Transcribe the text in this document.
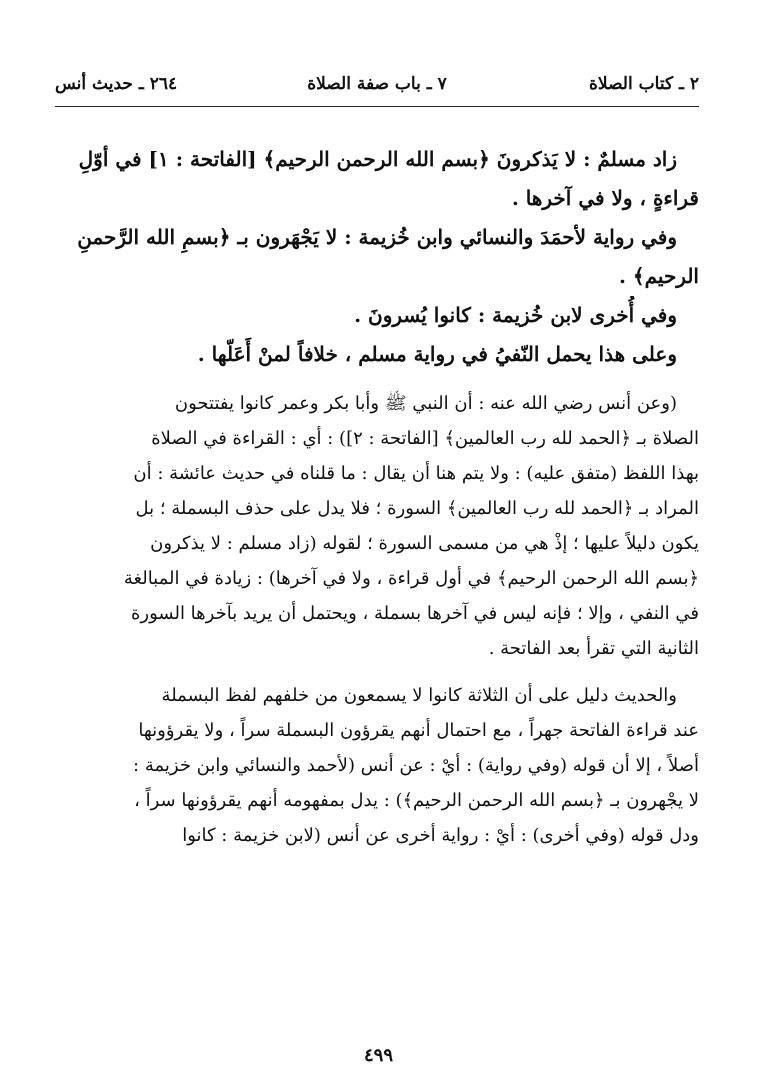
٢ ـ كتاب الصلاة
٧ ـ باب صفة الصلاة
٢٦٤ ـ حديث أنس
زاد مسلمٌ : لا يَذكرونَ ﴿بسم الله الرحمن الرحيم﴾ [الفاتحة : ١] في أوّلِ
قراءةٍ ، ولا في آخرها .
وفي رواية لأحمَدَ والنسائي وابن خُزيمة : لا يَجْهَرون بـ ﴿بسمِ الله الرَّحمنِ
الرحيم﴾ .
وفي أُخرى لابن خُزيمة : كانوا يُسرونَ .
وعلى هذا يحمل النّفيُ في رواية مسلم ، خلافاً لمنْ أَعَلّها .
(وعن أنس رضي الله عنه : أن النبي ﷺ وأبا بكر وعمر كانوا يفتتحون
الصلاة بـ ﴿الحمد لله رب العالمين﴾ [الفاتحة : ٢]) : أي : القراءة في الصلاة
بهذا اللفظ (متفق عليه) : ولا يتم هنا أن يقال : ما قلناه في حديث عائشة : أن
المراد بـ ﴿الحمد لله رب العالمين﴾ السورة ؛ فلا يدل على حذف البسملة ؛ بل
يكون دليلاً عليها ؛ إذْ هي من مسمى السورة ؛ لقوله (زاد مسلم : لا يذكرون
﴿بسم الله الرحمن الرحيم﴾ في أول قراءة ، ولا في آخرها) : زيادة في المبالغة
في النفي ، وإلا ؛ فإنه ليس في آخرها بسملة ، ويحتمل أن يريد بآخرها السورة
الثانية التي تقرأ بعد الفاتحة .
والحديث دليل على أن الثلاثة كانوا لا يسمعون من خلفهم لفظ البسملة
عند قراءة الفاتحة جهراً ، مع احتمال أنهم يقرؤون البسملة سراً ، ولا يقرؤونها
أصلاً ، إلا أن قوله (وفي رواية) : أيْ : عن أنس (لأحمد والنسائي وابن خزيمة :
لا يجْهرون بـ ﴿بسم الله الرحمن الرحيم﴾) : يدل بمفهومه أنهم يقرؤونها سراً ،
ودل قوله (وفي أخرى) : أيْ : رواية أخرى عن أنس (لابن خزيمة : كانوا
٤٩٩
